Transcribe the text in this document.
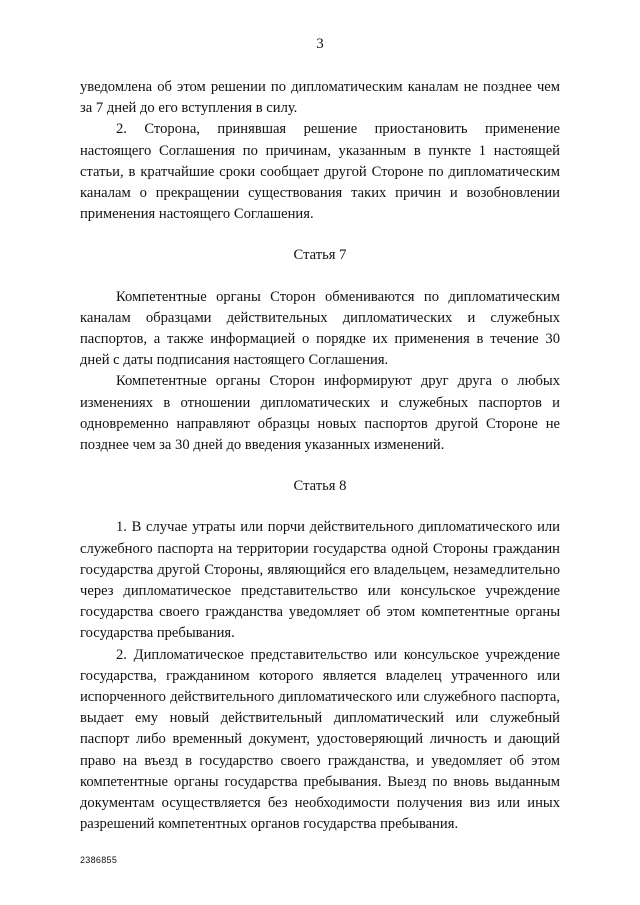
3

уведомлена об этом решении по дипломатическим каналам не позднее чем за 7 дней до его вступления в силу.

2. Сторона, принявшая решение приостановить применение настоящего Соглашения по причинам, указанным в пункте 1 настоящей статьи, в кратчайшие сроки сообщает другой Стороне по дипломатическим каналам о прекращении существования таких причин и возобновлении применения настоящего Соглашения.

Статья 7

Компетентные органы Сторон обмениваются по дипломатическим каналам образцами действительных дипломатических и служебных паспортов, а также информацией о порядке их применения в течение 30 дней с даты подписания настоящего Соглашения.

Компетентные органы Сторон информируют друг друга о любых изменениях в отношении дипломатических и служебных паспортов и одновременно направляют образцы новых паспортов другой Стороне не позднее чем за 30 дней до введения указанных изменений.

Статья 8

1. В случае утраты или порчи действительного дипломатического или служебного паспорта на территории государства одной Стороны гражданин государства другой Стороны, являющийся его владельцем, незамедлительно через дипломатическое представительство или консульское учреждение государства своего гражданства уведомляет об этом компетентные органы государства пребывания.

2. Дипломатическое представительство или консульское учреждение государства, гражданином которого является владелец утраченного или испорченного действительного дипломатического или служебного паспорта, выдает ему новый действительный дипломатический или служебный паспорт либо временный документ, удостоверяющий личность и дающий право на въезд в государство своего гражданства, и уведомляет об этом компетентные органы государства пребывания. Выезд по вновь выданным документам осуществляется без необходимости получения виз или иных разрешений компетентных органов государства пребывания.

2386855
